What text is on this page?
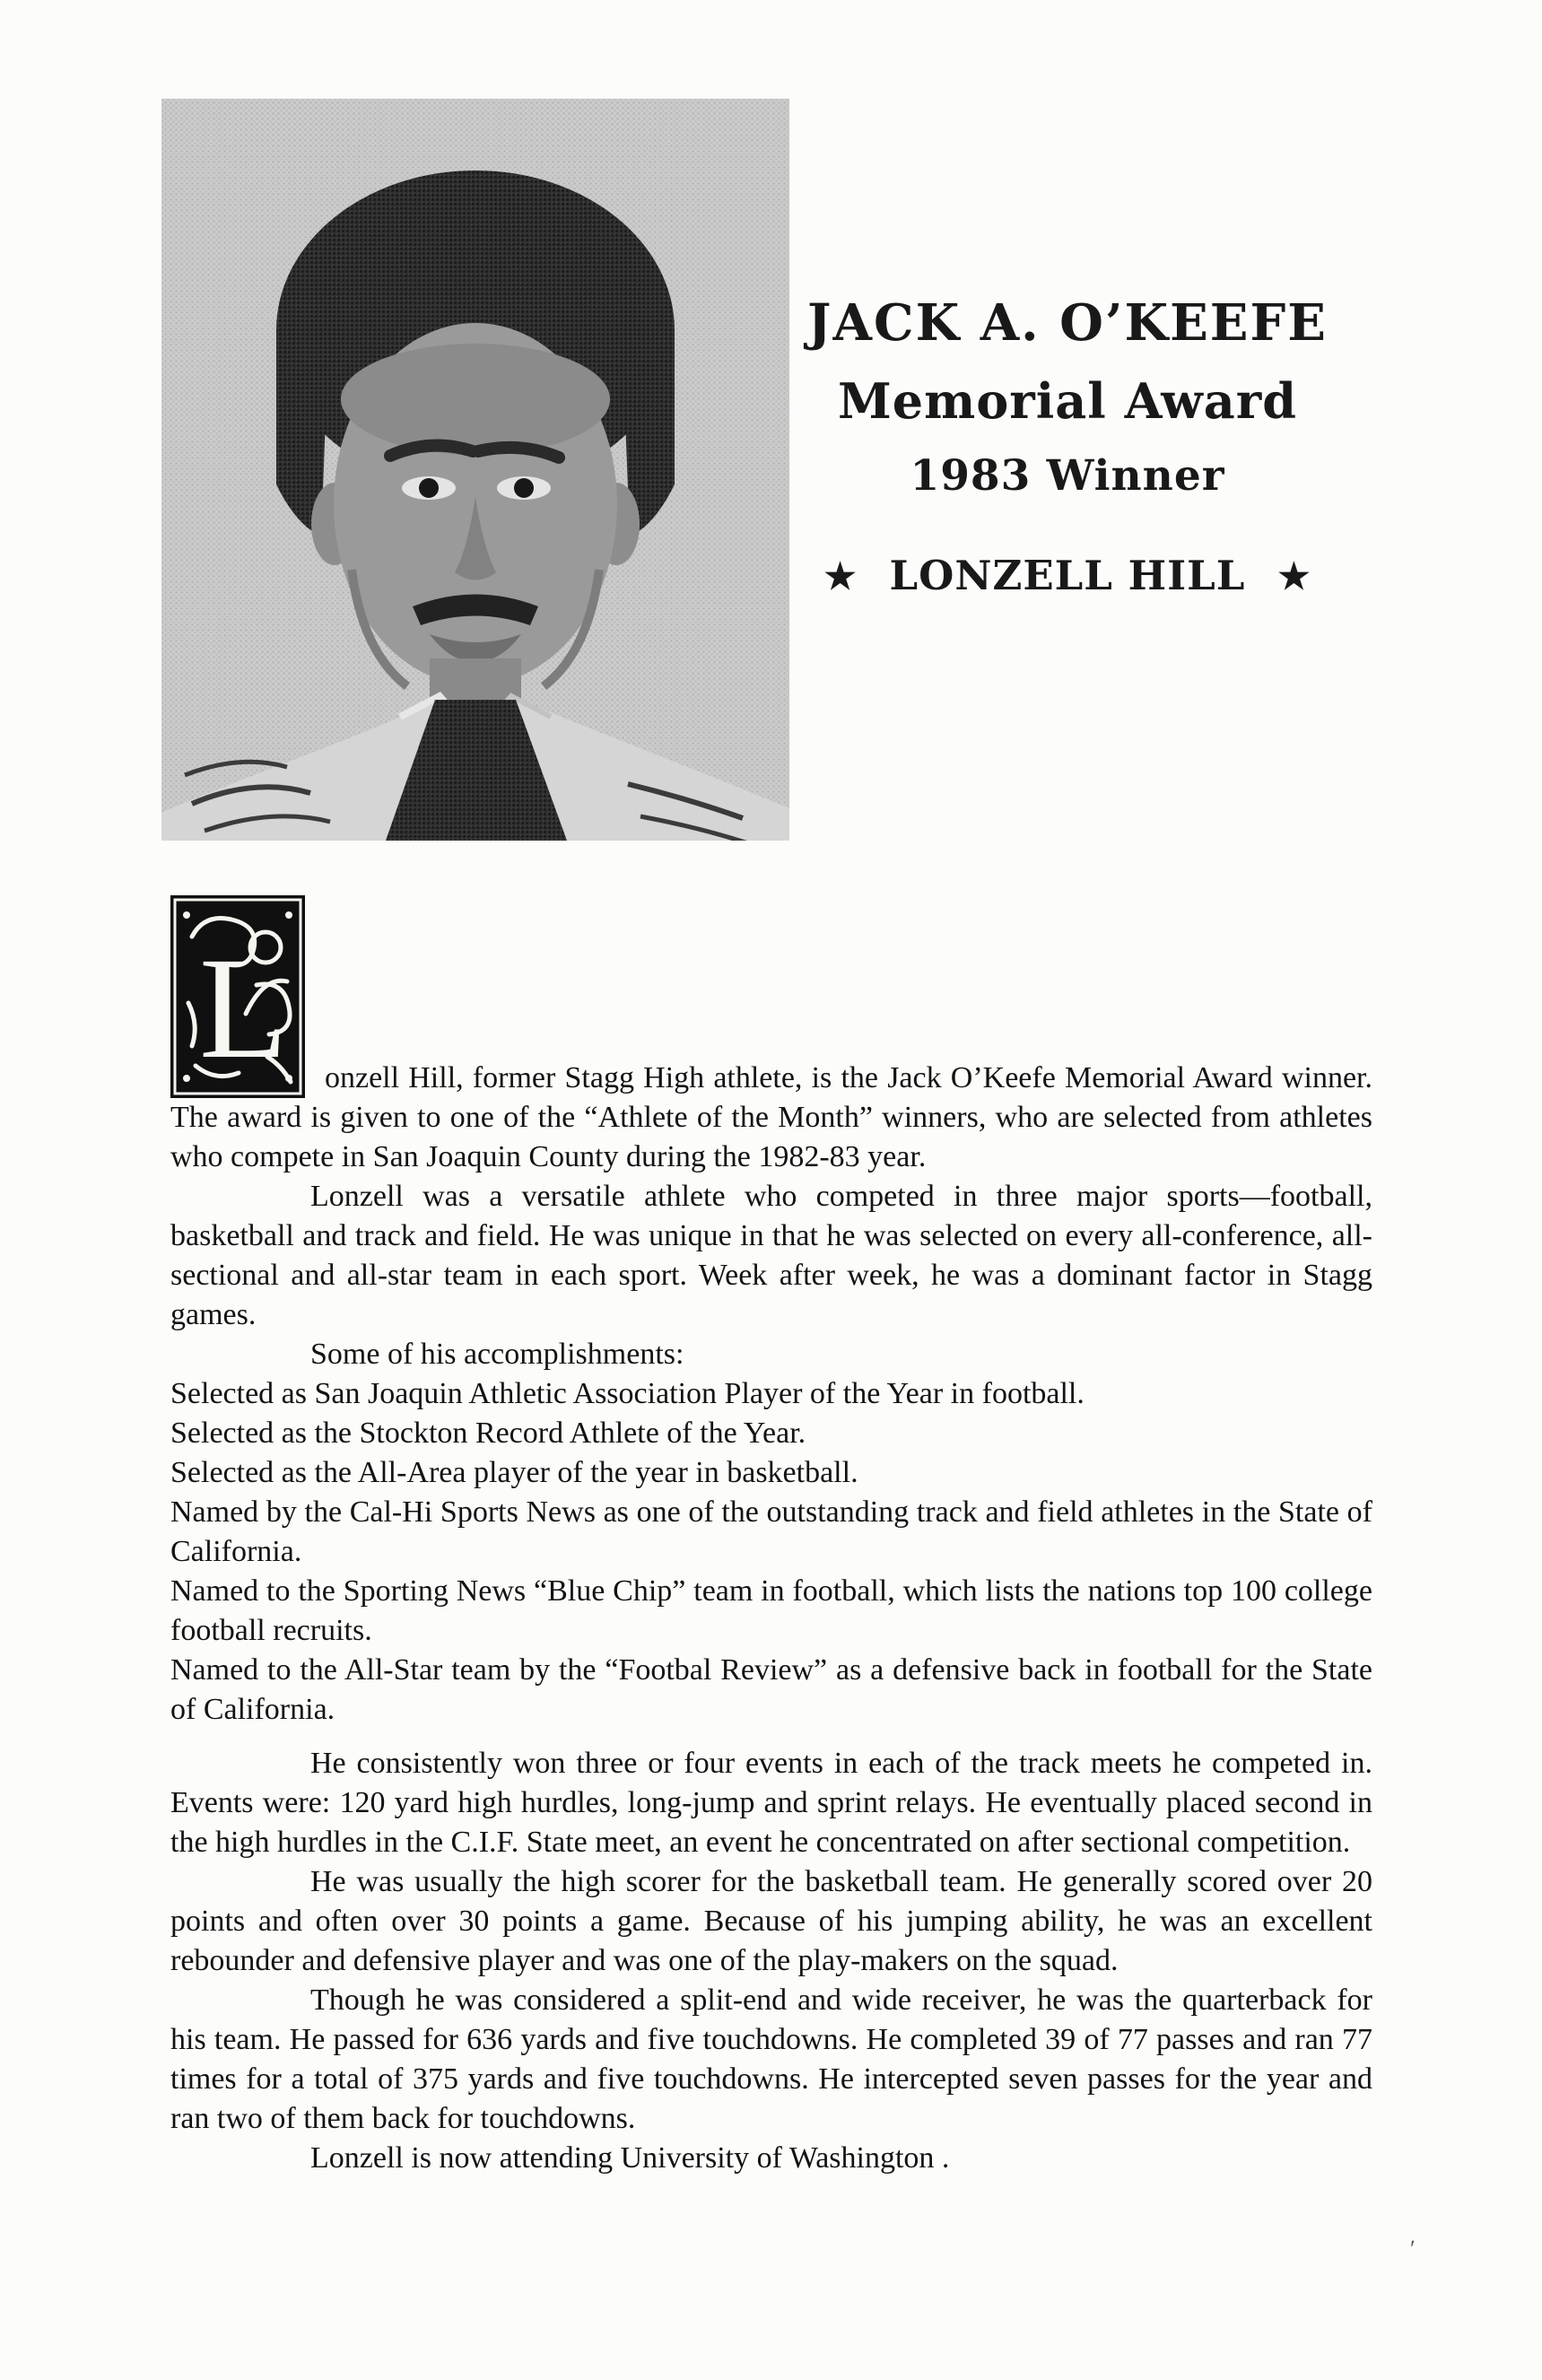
JACK A. O’KEEFE
Memorial Award
1983 Winner
★ LONZELL HILL ★

L onzell Hill, former Stagg High athlete, is the Jack O’Keefe Memorial Award winner. The award is given to one of the “Athlete of the Month” winners, who are selected from athletes who compete in San Joaquin County during the 1982-83 year.

Lonzell was a versatile athlete who competed in three major sports—football, basketball and track and field. He was unique in that he was selected on every all-conference, all-sectional and all-star team in each sport. Week after week, he was a dominant factor in Stagg games.

Some of his accomplishments:

Selected as San Joaquin Athletic Association Player of the Year in football.

Selected as the Stockton Record Athlete of the Year.

Selected as the All-Area player of the year in basketball.

Named by the Cal-Hi Sports News as one of the outstanding track and field athletes in the State of California.

Named to the Sporting News “Blue Chip” team in football, which lists the nations top 100 college football recruits.

Named to the All-Star team by the “Footbal Review” as a defensive back in football for the State of California.

He consistently won three or four events in each of the track meets he competed in. Events were: 120 yard high hurdles, long-jump and sprint relays. He eventually placed second in the high hurdles in the C.I.F. State meet, an event he concentrated on after sectional competition.

He was usually the high scorer for the basketball team. He generally scored over 20 points and often over 30 points a game. Because of his jumping ability, he was an excellent rebounder and defensive player and was one of the play-makers on the squad.

Though he was considered a split-end and wide receiver, he was the quarterback for his team. He passed for 636 yards and five touchdowns. He completed 39 of 77 passes and ran 77 times for a total of 375 yards and five touchdowns. He intercepted seven passes for the year and ran two of them back for touchdowns.

Lonzell is now attending University of Washington .

ʹ
